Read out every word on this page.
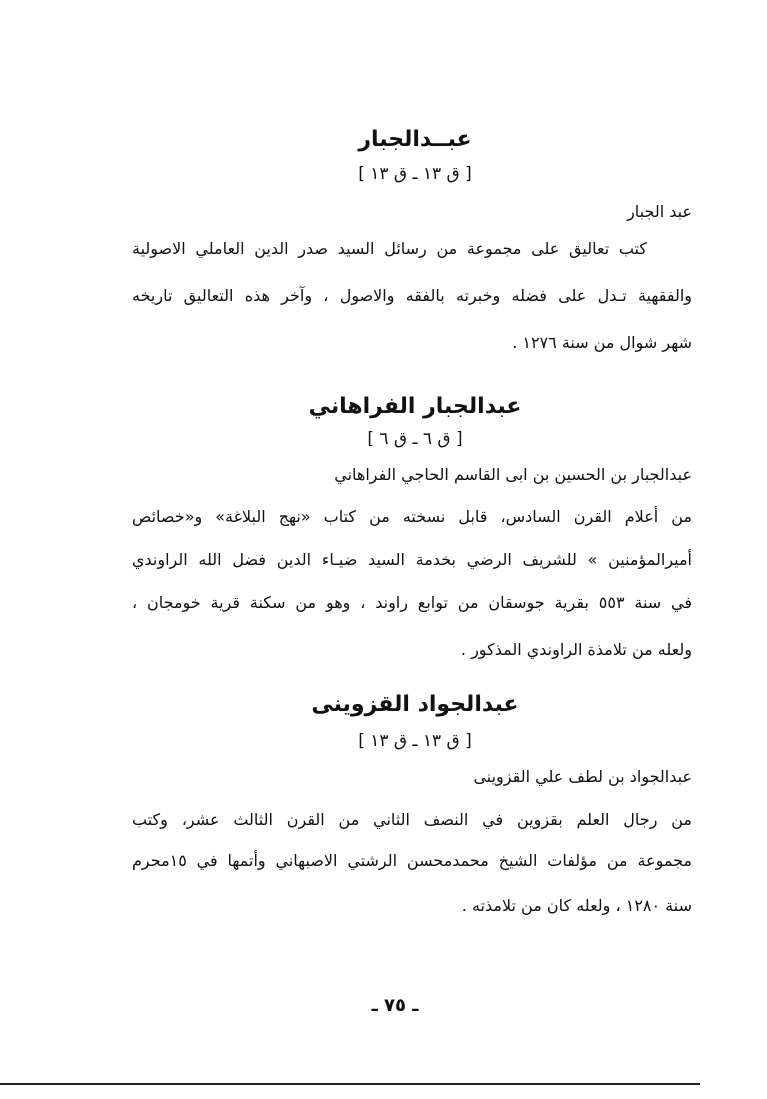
عبــدالجبار
[ ق ١٣ ـ ق ١٣ ]
عبد الجبار
كتب تعاليق على مجموعة من رسائل السيد صدر الدين العاملي الاصولية
والفقهية تـدل على فضله وخبرته بالفقه والاصول ، وآخر هذه التعاليق تاريخه
شهر شوال من سنة ١٢٧٦ .
عبدالجبار الفراهاني
[ ق ٦ ـ ق ٦ ]
عبدالجبار بن الحسين بن ابى القاسم الحاجي الفراهاني
من أعلام القرن السادس، قابل نسخته من كتاب «نهج البلاغة» و«خصائص
أميرالمؤمنين » للشريف الرضي بخدمة السيد ضيـاء الدين فضل الله الراوندي
في سنة ٥٥٣ بقرية جوسقان من توابع راوند ، وهو من سكنة قرية خومجان ،
ولعله من تلامذة الراوندي المذكور .
عبدالجواد القزوينى
[ ق ١٣ ـ ق ١٣ ]
عبدالجواد بن لطف علي القزوينى
من رجال العلم بقزوين في النصف الثاني من القرن الثالث عشر، وكتب
مجموعة من مؤلفات الشيخ محمدمحسن الرشتي الاصبهاني وأتمها في ١٥محرم
سنة ١٢٨٠ ، ولعله كان من تلامذته .
ـ ٧٥ ـ
